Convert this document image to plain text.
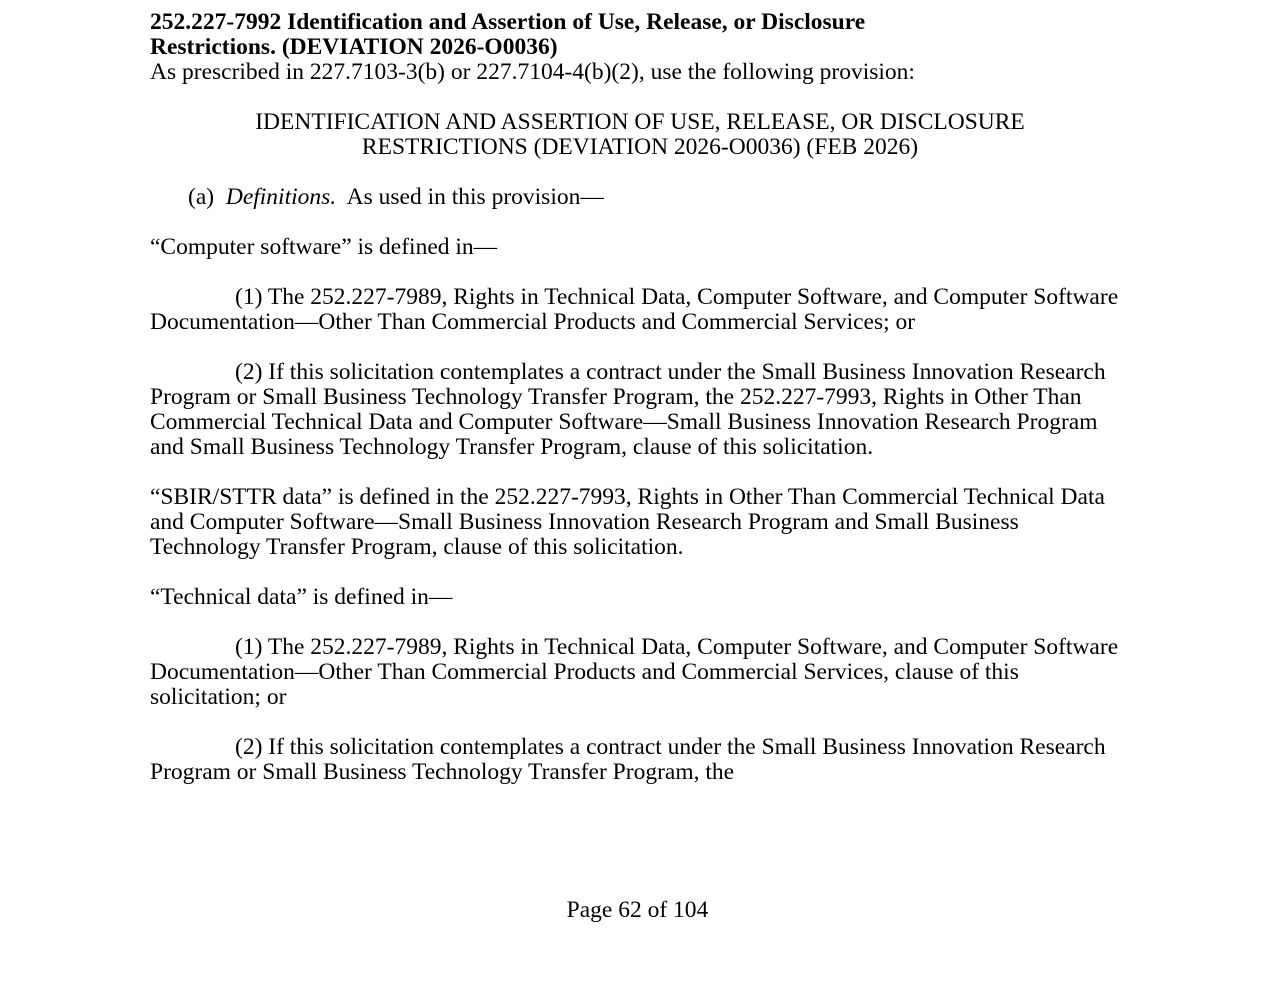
252.227-7992 Identification and Assertion of Use, Release, or Disclosure
Restrictions. (DEVIATION 2026-O0036)

As prescribed in 227.7103-3(b) or 227.7104-4(b)(2), use the following provision:

IDENTIFICATION AND ASSERTION OF USE, RELEASE, OR DISCLOSURE
RESTRICTIONS (DEVIATION 2026-O0036) (FEB 2026)

(a) Definitions. As used in this provision—

“Computer software” is defined in—

(1) The 252.227-7989, Rights in Technical Data, Computer Software, and Computer Software Documentation—Other Than Commercial Products and Commercial Services; or

(2) If this solicitation contemplates a contract under the Small Business Innovation Research Program or Small Business Technology Transfer Program, the 252.227-7993, Rights in Other Than Commercial Technical Data and Computer Software—Small Business Innovation Research Program and Small Business Technology Transfer Program, clause of this solicitation.

“SBIR/STTR data” is defined in the 252.227-7993, Rights in Other Than Commercial Technical Data and Computer Software—Small Business Innovation Research Program and Small Business Technology Transfer Program, clause of this solicitation.

“Technical data” is defined in—

(1) The 252.227-7989, Rights in Technical Data, Computer Software, and Computer Software Documentation—Other Than Commercial Products and Commercial Services, clause of this solicitation; or

(2) If this solicitation contemplates a contract under the Small Business Innovation Research Program or Small Business Technology Transfer Program, the

Page 62 of 104
